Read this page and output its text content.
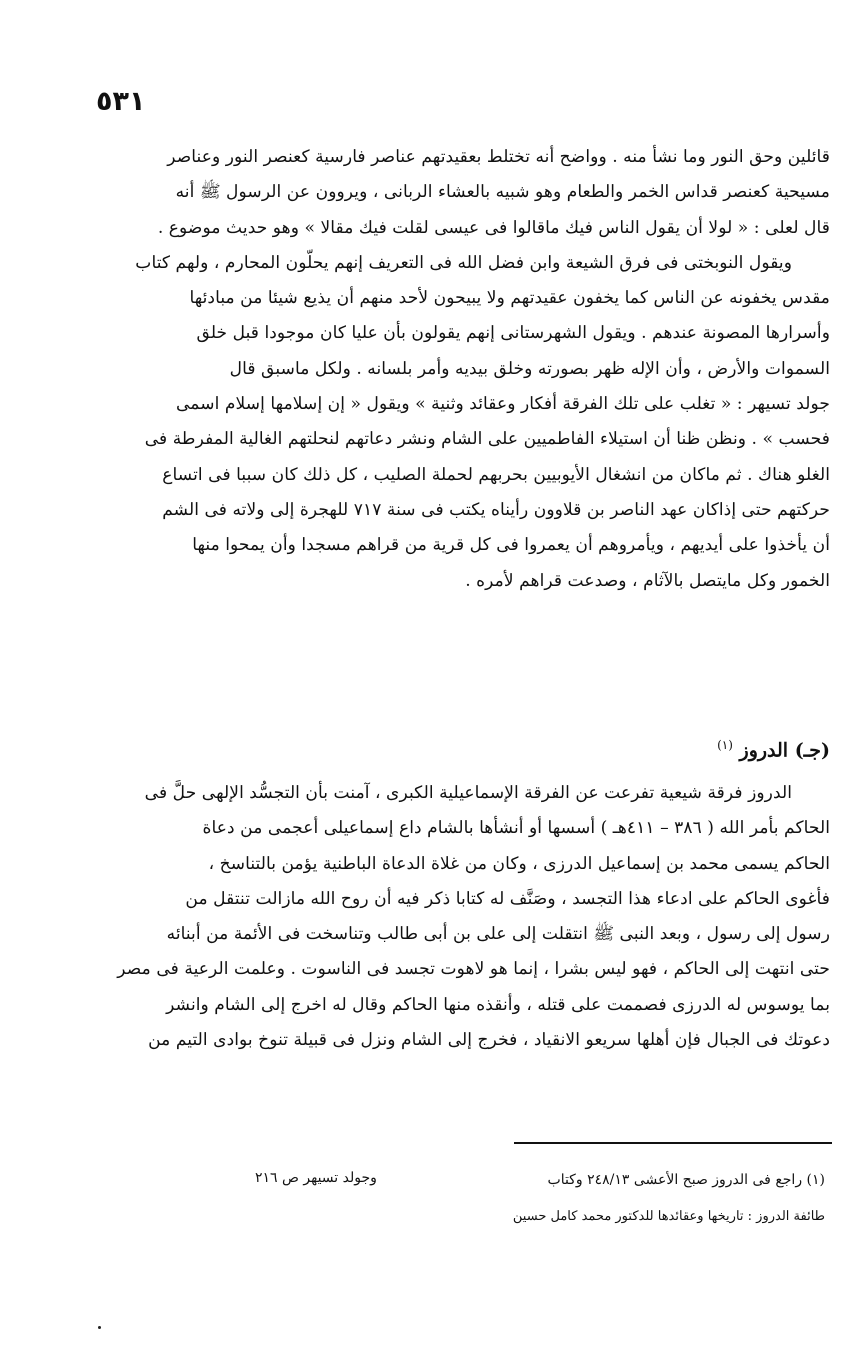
٥٣١
قائلين وحق النور وما نشأ منه . وواضح أنه تختلط بعقيدتهم عناصر فارسية كعنصر النور وعناصر
مسيحية كعنصر قداس الخمر والطعام وهو شبيه بالعشاء الربانى ، ويروون عن الرسول ﷺ أنه
قال لعلى : « لولا أن يقول الناس فيك ماقالوا فى عيسى لقلت فيك مقالا » وهو حديث موضوع .
ويقول النوبختى فى فرق الشيعة وابن فضل الله فى التعريف إنهم يحلّون المحارم ، ولهم كتاب
مقدس يخفونه عن الناس كما يخفون عقيدتهم ولا يبيحون لأحد منهم أن يذيع شيئا من مبادئها
وأسرارها المصونة عندهم . ويقول الشهرستانى إنهم يقولون بأن عليا كان موجودا قبل خلق
السموات والأرض ، وأن الإله ظهر بصورته وخلق بيديه وأمر بلسانه . ولكل ماسبق قال
جولد تسيهر : « تغلب على تلك الفرقة أفكار وعقائد وثنية » ويقول « إن إسلامها إسلام اسمى
فحسب » . ونظن ظنا أن استيلاء الفاطميين على الشام ونشر دعاتهم لنحلتهم الغالية المفرطة فى
الغلو هناك . ثم ماكان من انشغال الأيوبيين بحربهم لحملة الصليب ، كل ذلك كان سببا فى اتساع
حركتهم حتى إذاكان عهد الناصر بن قلاوون رأيناه يكتب فى سنة ٧١٧ للهجرة إلى ولاته فى الشم
أن يأخذوا على أيديهم ، ويأمروهم أن يعمروا فى كل قرية من قراهم مسجدا وأن يمحوا منها
الخمور وكل مايتصل بالآثام ، وصدعت قراهم لأمره .
(جـ) الدروز $^{(١)}$
الدروز فرقة شيعية تفرعت عن الفرقة الإسماعيلية الكبرى ، آمنت بأن التجسُّد الإلهى حلَّ فى
الحاكم بأمر الله ( ٣٨٦ – ٤١١هـ ) أسسها أو أنشأها بالشام داع إسماعيلى أعجمى من دعاة
الحاكم يسمى محمد بن إسماعيل الدرزى ، وكان من غلاة الدعاة الباطنية يؤمن بالتناسخ ،
فأغوى الحاكم على ادعاء هذا التجسد ، وصَنَّف له كتابا ذكر فيه أن روح الله مازالت تنتقل من
رسول إلى رسول ، وبعد النبى ﷺ انتقلت إلى على بن أبى طالب وتناسخت فى الأئمة من أبنائه
حتى انتهت إلى الحاكم ، فهو ليس بشرا ، إنما هو لاهوت تجسد فى الناسوت . وعلمت الرعية فى مصر
بما يوسوس له الدرزى فصممت على قتله ، وأنقذه منها الحاكم وقال له اخرج إلى الشام وانشر
دعوتك فى الجبال فإن أهلها سريعو الانقياد ، فخرج إلى الشام ونزل فى قبيلة تنوخ بوادى التيم من
(١) راجع فى الدروز صبح الأعشى ٢٤٨/١٣ وكتاب
وجولد تسيهر ص ٢١٦
طائفة الدروز : تاريخها وعقائدها للدكتور محمد كامل حسين
